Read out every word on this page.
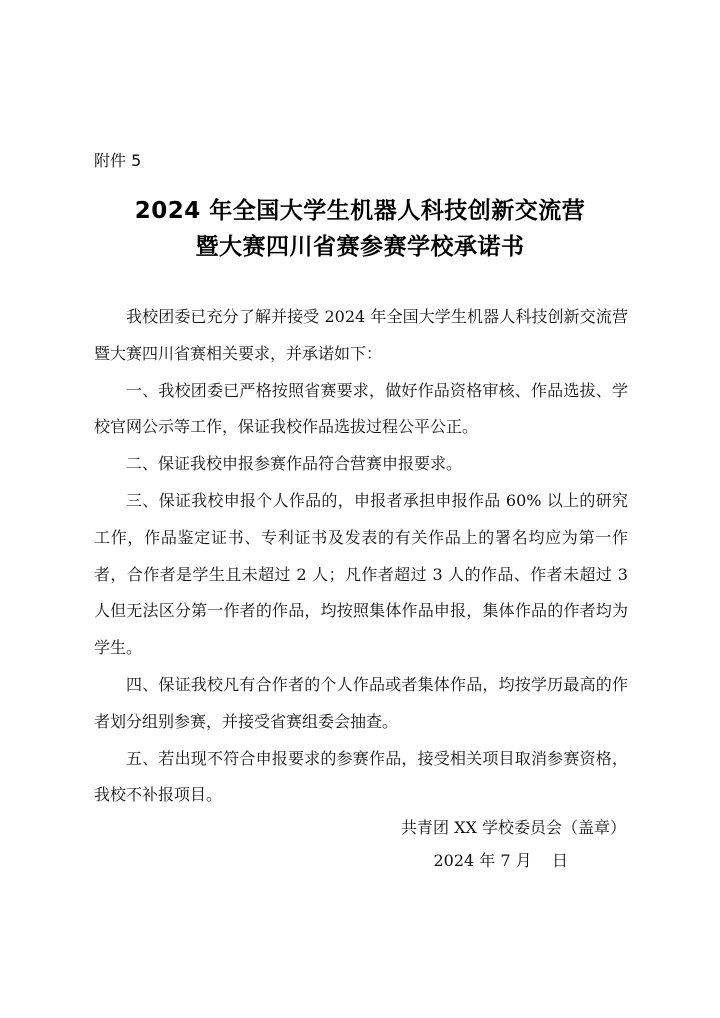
附件 5
2024 年全国大学生机器人科技创新交流营
暨大赛四川省赛参赛学校承诺书

我校团委已充分了解并接受 2024 年全国大学生机器人科技创新交流营暨大赛四川省赛相关要求，并承诺如下：

一、我校团委已严格按照省赛要求，做好作品资格审核、作品选拔、学校官网公示等工作，保证我校作品选拔过程公平公正。

二、保证我校申报参赛作品符合营赛申报要求。

三、保证我校申报个人作品的，申报者承担申报作品 60% 以上的研究工作，作品鉴定证书、专利证书及发表的有关作品上的署名均应为第一作者，合作者是学生且未超过 2 人；凡作者超过 3 人的作品、作者未超过 3 人但无法区分第一作者的作品，均按照集体作品申报，集体作品的作者均为学生。

四、保证我校凡有合作者的个人作品或者集体作品，均按学历最高的作者划分组别参赛，并接受省赛组委会抽查。

五、若出现不符合申报要求的参赛作品，接受相关项目取消参赛资格，我校不补报项目。

共青团 XX 学校委员会（盖章）
2024 年 7 月    日
